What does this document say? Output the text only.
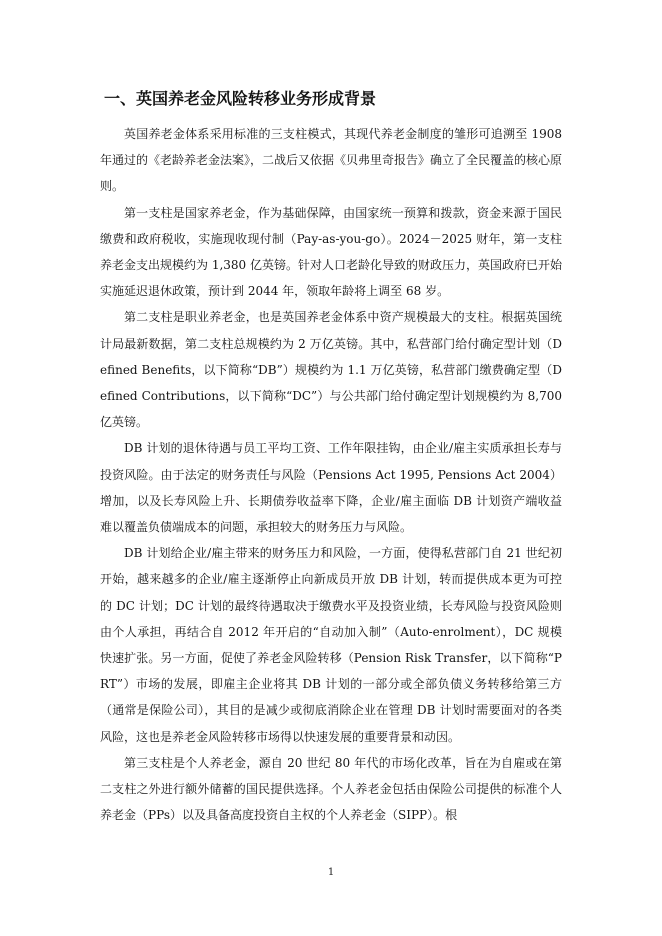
一、英国养老金风险转移业务形成背景

英国养老金体系采用标准的三支柱模式，其现代养老金制度的雏形可追溯至 1908 年通过的《老龄养老金法案》，二战后又依据《贝弗里奇报告》确立了全民覆盖的核心原则。

第一支柱是国家养老金，作为基础保障，由国家统一预算和拨款，资金来源于国民缴费和政府税收，实施现收现付制（Pay-as-you-go）。2024－2025 财年，第一支柱养老金支出规模约为 1,380 亿英镑。针对人口老龄化导致的财政压力，英国政府已开始实施延迟退休政策，预计到 2044 年，领取年龄将上调至 68 岁。

第二支柱是职业养老金，也是英国养老金体系中资产规模最大的支柱。根据英国统计局最新数据，第二支柱总规模约为 2 万亿英镑。其中，私营部门给付确定型计划（Defined Benefits，以下简称“DB”）规模约为 1.1 万亿英镑，私营部门缴费确定型（Defined Contributions，以下简称“DC”）与公共部门给付确定型计划规模约为 8,700 亿英镑。

DB 计划的退休待遇与员工平均工资、工作年限挂钩，由企业/雇主实质承担长寿与投资风险。由于法定的财务责任与风险（Pensions Act 1995, Pensions Act 2004）增加，以及长寿风险上升、长期债券收益率下降，企业/雇主面临 DB 计划资产端收益难以覆盖负债端成本的问题，承担较大的财务压力与风险。

DB 计划给企业/雇主带来的财务压力和风险，一方面，使得私营部门自 21 世纪初开始，越来越多的企业/雇主逐渐停止向新成员开放 DB 计划，转而提供成本更为可控的 DC 计划；DC 计划的最终待遇取决于缴费水平及投资业绩，长寿风险与投资风险则由个人承担，再结合自 2012 年开启的“自动加入制”（Auto-enrolment），DC 规模快速扩张。另一方面，促使了养老金风险转移（Pension Risk Transfer，以下简称“PRT”）市场的发展，即雇主企业将其 DB 计划的一部分或全部负债义务转移给第三方（通常是保险公司），其目的是减少或彻底消除企业在管理 DB 计划时需要面对的各类风险，这也是养老金风险转移市场得以快速发展的重要背景和动因。

第三支柱是个人养老金，源自 20 世纪 80 年代的市场化改革，旨在为自雇或在第二支柱之外进行额外储蓄的国民提供选择。个人养老金包括由保险公司提供的标准个人养老金（PPs）以及具备高度投资自主权的个人养老金（SIPP）。根

1
